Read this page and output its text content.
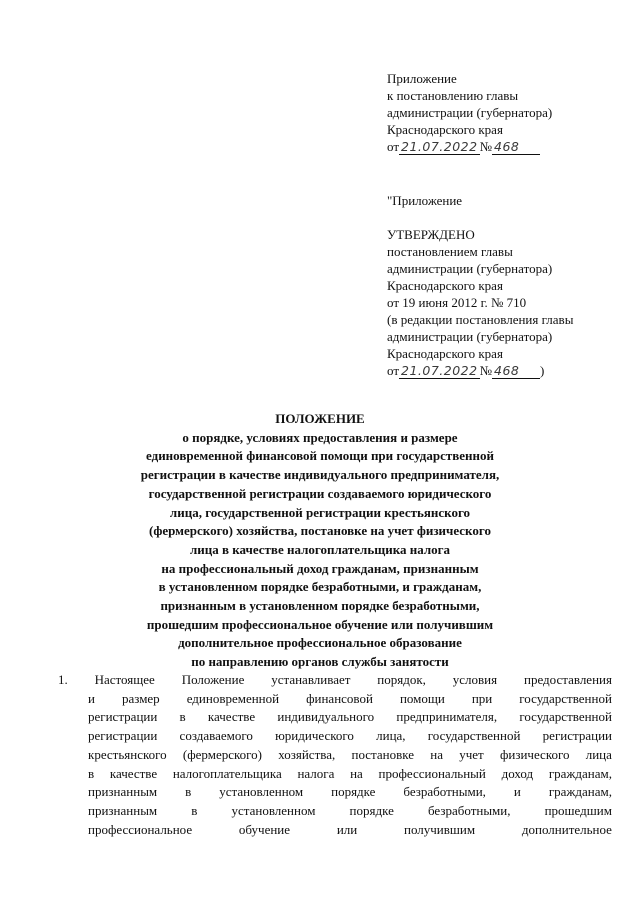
Приложение
к постановлению главы
администрации (губернатора)
Краснодарского края
от 21.07.2022 № 468
"Приложение
УТВЕРЖДЕНО
постановлением главы
администрации (губернатора)
Краснодарского края
от 19 июня 2012 г. № 710
(в редакции постановления главы
администрации (губернатора)
Краснодарского края
от 21.07.2022 № 468	)
ПОЛОЖЕНИЕ
о порядке, условиях предоставления и размере
единовременной финансовой помощи при государственной
регистрации в качестве индивидуального предпринимателя,
государственной регистрации создаваемого юридического
лица, государственной регистрации крестьянского
(фермерского) хозяйства, постановке на учет физического
лица в качестве налогоплательщика налога
на профессиональный доход гражданам, признанным
в установленном порядке безработными, и гражданам,
признанным в установленном порядке безработными,
прошедшим профессиональное обучение или получившим
дополнительное профессиональное образование
по направлению органов службы занятости
1. Настоящее Положение устанавливает порядок, условия предоставления
и размер единовременной финансовой помощи при государственной
регистрации в качестве индивидуального предпринимателя, государственной
регистрации создаваемого юридического лица, государственной регистрации
крестьянского (фермерского) хозяйства, постановке на учет физического лица
в качестве налогоплательщика налога на профессиональный доход гражданам,
признанным в установленном порядке безработными, и гражданам,
признанным	в	установленном	порядке	безработными,	прошедшим
профессиональное	обучение	или	получившим	дополнительное
